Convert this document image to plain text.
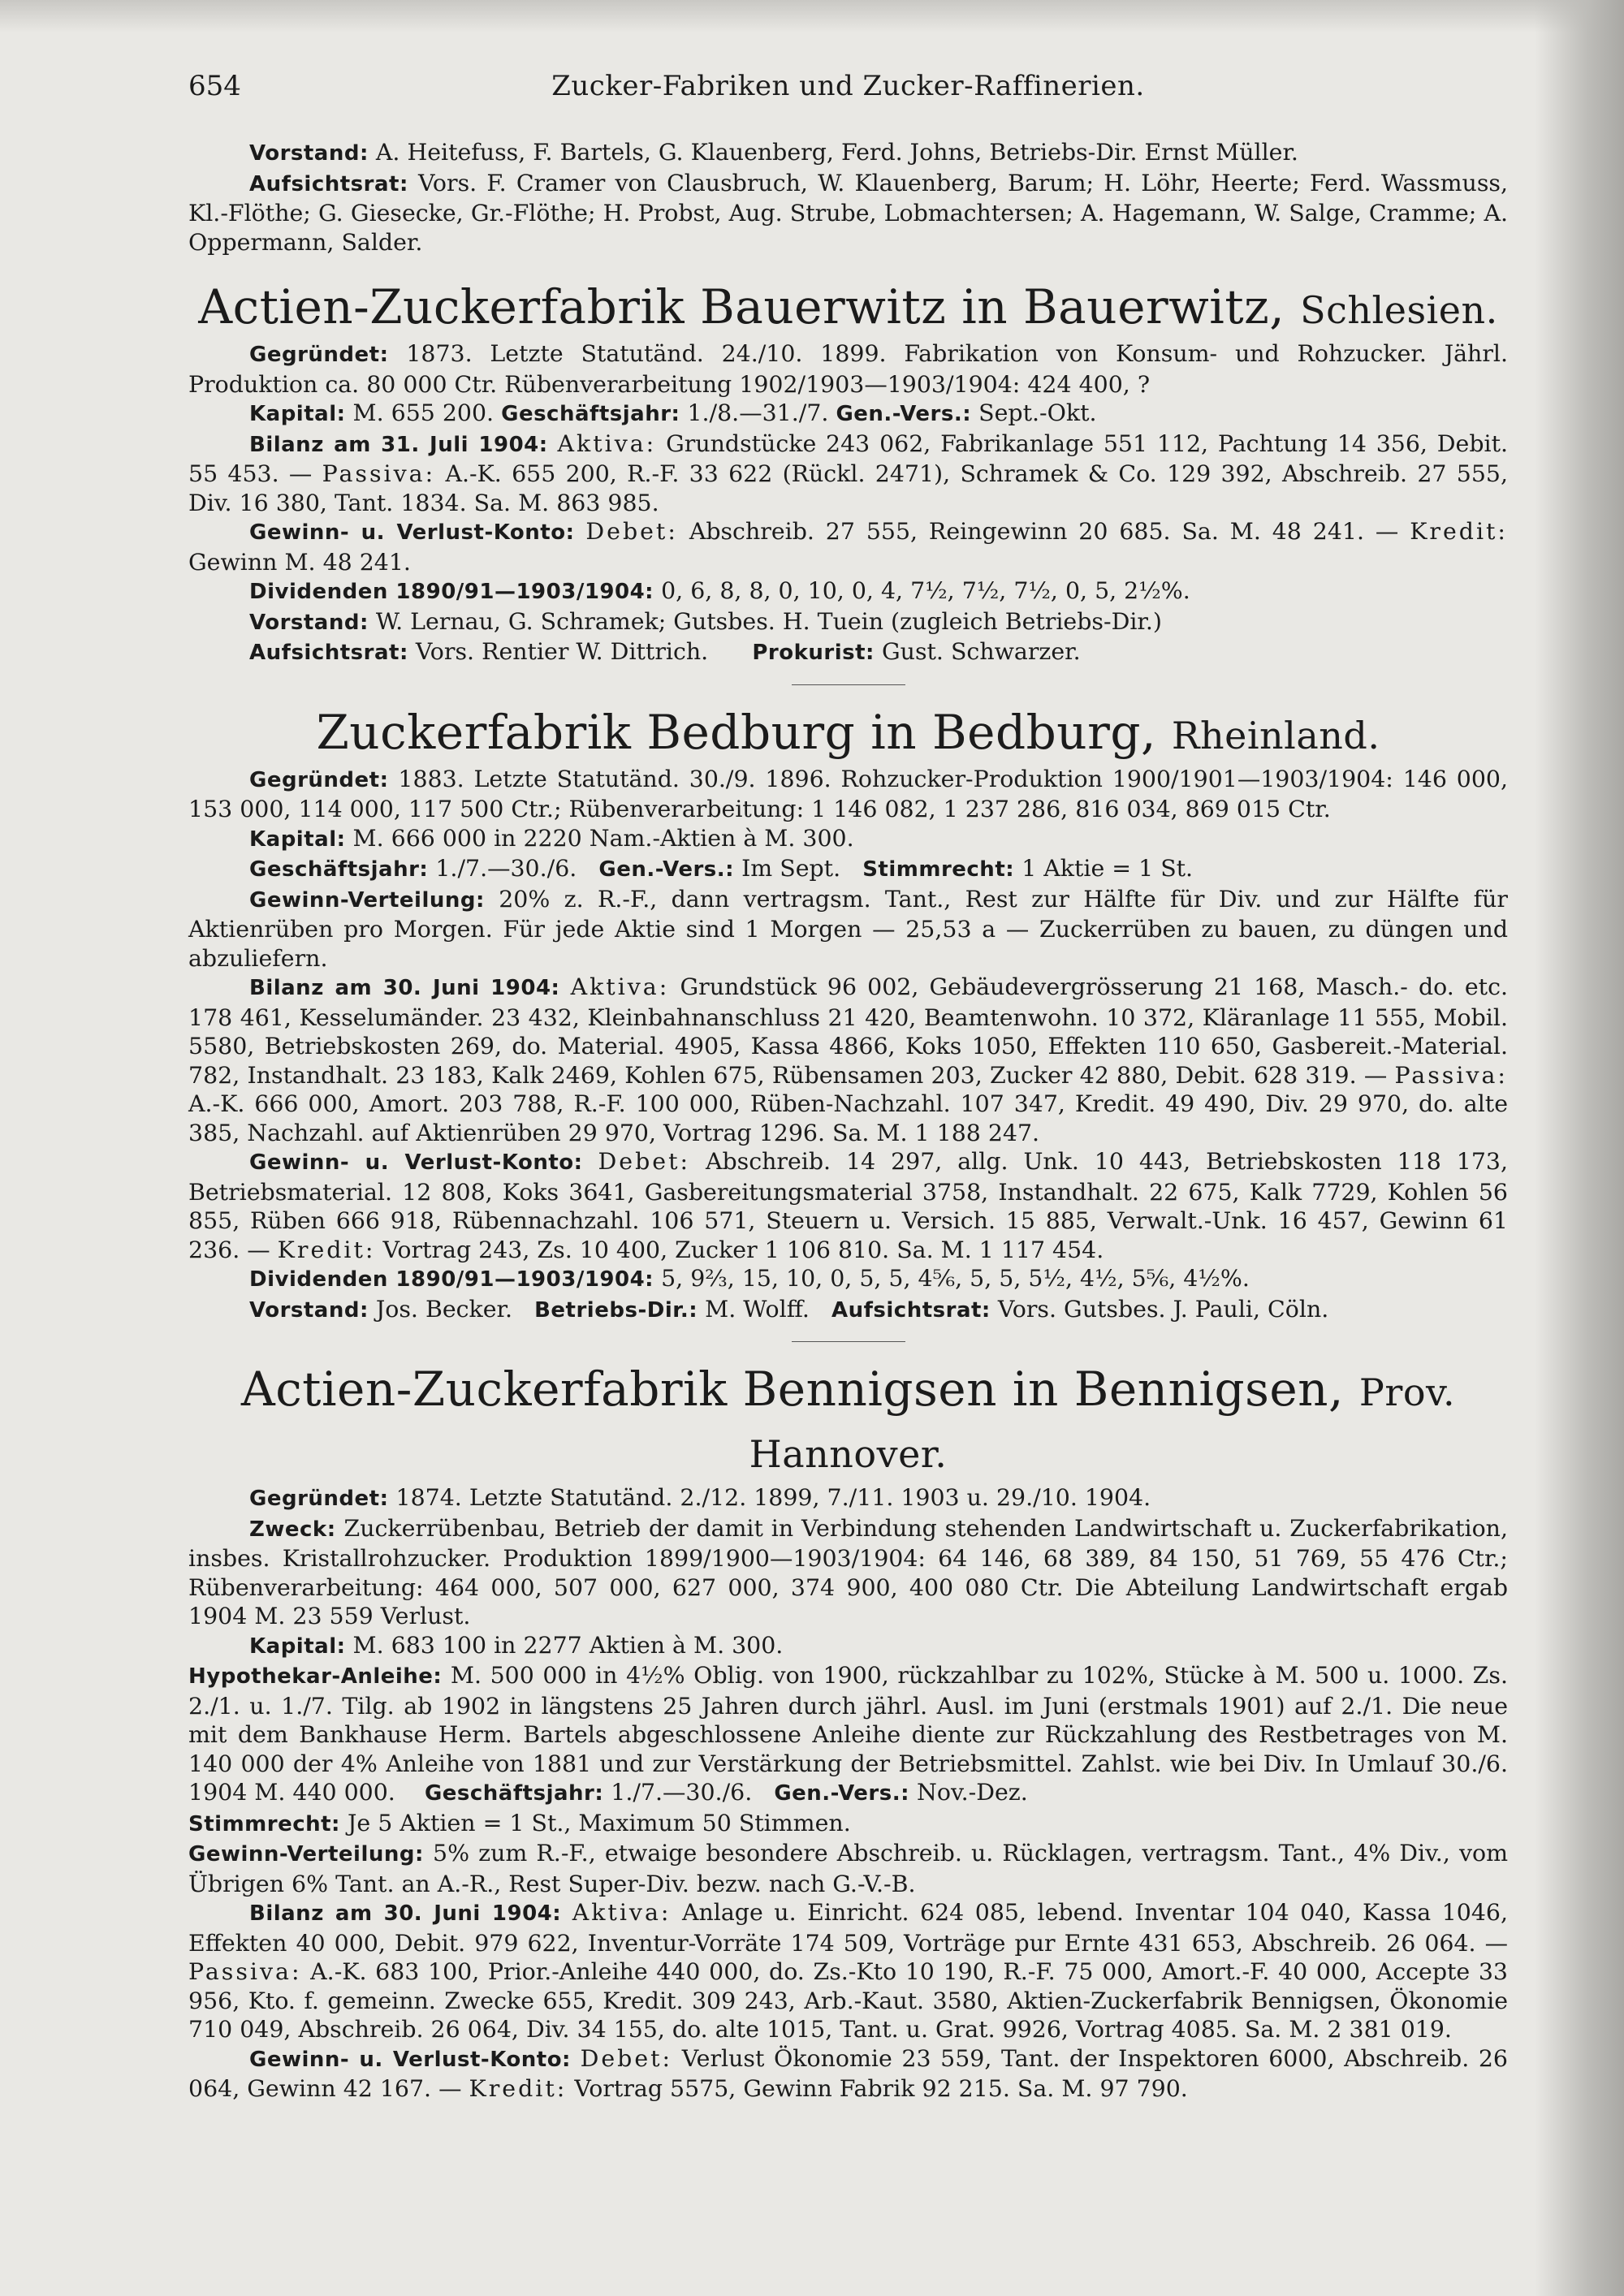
654	Zucker-Fabriken und Zucker-Raffinerien.

Vorstand: A. Heitefuss, F. Bartels, G. Klauenberg, Ferd. Johns, Betriebs-Dir. Ernst Müller.

Aufsichtsrat: Vors. F. Cramer von Clausbruch, W. Klauenberg, Barum; H. Löhr, Heerte; Ferd. Wassmuss, Kl.-Flöthe; G. Giesecke, Gr.-Flöthe; H. Probst, Aug. Strube, Lobmachtersen; A. Hagemann, W. Salge, Cramme; A. Oppermann, Salder.

Actien-Zuckerfabrik Bauerwitz in Bauerwitz, Schlesien.

Gegründet: 1873. Letzte Statutänd. 24./10. 1899. Fabrikation von Konsum- und Rohzucker. Jährl. Produktion ca. 80 000 Ctr. Rübenverarbeitung 1902/1903—1903/1904: 424 400, ?

Kapital: M. 655 200. Geschäftsjahr: 1./8.—31./7. Gen.-Vers.: Sept.-Okt.

Bilanz am 31. Juli 1904: Aktiva: Grundstücke 243 062, Fabrikanlage 551 112, Pachtung 14 356, Debit. 55 453. — Passiva: A.-K. 655 200, R.-F. 33 622 (Rückl. 2471), Schramek & Co. 129 392, Abschreib. 27 555, Div. 16 380, Tant. 1834. Sa. M. 863 985.

Gewinn- u. Verlust-Konto: Debet: Abschreib. 27 555, Reingewinn 20 685. Sa. M. 48 241. — Kredit: Gewinn M. 48 241.

Dividenden 1890/91—1903/1904: 0, 6, 8, 8, 0, 10, 0, 4, 7½, 7½, 7½, 0, 5, 2½%.

Vorstand: W. Lernau, G. Schramek; Gutsbes. H. Tuein (zugleich Betriebs-Dir.)

Aufsichtsrat: Vors. Rentier W. Dittrich. Prokurist: Gust. Schwarzer.

Zuckerfabrik Bedburg in Bedburg, Rheinland.

Gegründet: 1883. Letzte Statutänd. 30./9. 1896. Rohzucker-Produktion 1900/1901—1903/1904: 146 000, 153 000, 114 000, 117 500 Ctr.; Rübenverarbeitung: 1 146 082, 1 237 286, 816 034, 869 015 Ctr.

Kapital: M. 666 000 in 2220 Nam.-Aktien à M. 300.

Geschäftsjahr: 1./7.—30./6. Gen.-Vers.: Im Sept. Stimmrecht: 1 Aktie = 1 St.

Gewinn-Verteilung: 20% z. R.-F., dann vertragsm. Tant., Rest zur Hälfte für Div. und zur Hälfte für Aktienrüben pro Morgen. Für jede Aktie sind 1 Morgen — 25,53 a — Zuckerrüben zu bauen, zu düngen und abzuliefern.

Bilanz am 30. Juni 1904: Aktiva: Grundstück 96 002, Gebäudevergrösserung 21 168, Masch.- do. etc. 178 461, Kesselumänder. 23 432, Kleinbahnanschluss 21 420, Beamtenwohn. 10 372, Kläranlage 11 555, Mobil. 5580, Betriebskosten 269, do. Material. 4905, Kassa 4866, Koks 1050, Effekten 110 650, Gasbereit.-Material. 782, Instandhalt. 23 183, Kalk 2469, Kohlen 675, Rübensamen 203, Zucker 42 880, Debit. 628 319. — Passiva: A.-K. 666 000, Amort. 203 788, R.-F. 100 000, Rüben-Nachzahl. 107 347, Kredit. 49 490, Div. 29 970, do. alte 385, Nachzahl. auf Aktienrüben 29 970, Vortrag 1296. Sa. M. 1 188 247.

Gewinn- u. Verlust-Konto: Debet: Abschreib. 14 297, allg. Unk. 10 443, Betriebskosten 118 173, Betriebsmaterial. 12 808, Koks 3641, Gasbereitungsmaterial 3758, Instandhalt. 22 675, Kalk 7729, Kohlen 56 855, Rüben 666 918, Rübennachzahl. 106 571, Steuern u. Versich. 15 885, Verwalt.-Unk. 16 457, Gewinn 61 236. — Kredit: Vortrag 243, Zs. 10 400, Zucker 1 106 810. Sa. M. 1 117 454.

Dividenden 1890/91—1903/1904: 5, 9⅔, 15, 10, 0, 5, 5, 4⅚, 5, 5, 5½, 4½, 5⅚, 4½%.

Vorstand: Jos. Becker. Betriebs-Dir.: M. Wolff. Aufsichtsrat: Vors. Gutsbes. J. Pauli, Cöln.

Actien-Zuckerfabrik Bennigsen in Bennigsen, Prov. Hannover.

Gegründet: 1874. Letzte Statutänd. 2./12. 1899, 7./11. 1903 u. 29./10. 1904.

Zweck: Zuckerrübenbau, Betrieb der damit in Verbindung stehenden Landwirtschaft u. Zuckerfabrikation, insbes. Kristallrohzucker. Produktion 1899/1900—1903/1904: 64 146, 68 389, 84 150, 51 769, 55 476 Ctr.; Rübenverarbeitung: 464 000, 507 000, 627 000, 374 900, 400 080 Ctr. Die Abteilung Landwirtschaft ergab 1904 M. 23 559 Verlust.

Kapital: M. 683 100 in 2277 Aktien à M. 300.

Hypothekar-Anleihe: M. 500 000 in 4½% Oblig. von 1900, rückzahlbar zu 102%, Stücke à M. 500 u. 1000. Zs. 2./1. u. 1./7. Tilg. ab 1902 in längstens 25 Jahren durch jährl. Ausl. im Juni (erstmals 1901) auf 2./1. Die neue mit dem Bankhause Herm. Bartels abgeschlossene Anleihe diente zur Rückzahlung des Restbetrages von M. 140 000 der 4% Anleihe von 1881 und zur Verstärkung der Betriebsmittel. Zahlst. wie bei Div. In Umlauf 30./6. 1904 M. 440 000. Geschäftsjahr: 1./7.—30./6. Gen.-Vers.: Nov.-Dez.

Stimmrecht: Je 5 Aktien = 1 St., Maximum 50 Stimmen.

Gewinn-Verteilung: 5% zum R.-F., etwaige besondere Abschreib. u. Rücklagen, vertragsm. Tant., 4% Div., vom Übrigen 6% Tant. an A.-R., Rest Super-Div. bezw. nach G.-V.-B.

Bilanz am 30. Juni 1904: Aktiva: Anlage u. Einricht. 624 085, lebend. Inventar 104 040, Kassa 1046, Effekten 40 000, Debit. 979 622, Inventur-Vorräte 174 509, Vorträge pur Ernte 431 653, Abschreib. 26 064. — Passiva: A.-K. 683 100, Prior.-Anleihe 440 000, do. Zs.-Kto 10 190, R.-F. 75 000, Amort.-F. 40 000, Accepte 33 956, Kto. f. gemeinn. Zwecke 655, Kredit. 309 243, Arb.-Kaut. 3580, Aktien-Zuckerfabrik Bennigsen, Ökonomie 710 049, Abschreib. 26 064, Div. 34 155, do. alte 1015, Tant. u. Grat. 9926, Vortrag 4085. Sa. M. 2 381 019.

Gewinn- u. Verlust-Konto: Debet: Verlust Ökonomie 23 559, Tant. der Inspektoren 6000, Abschreib. 26 064, Gewinn 42 167. — Kredit: Vortrag 5575, Gewinn Fabrik 92 215. Sa. M. 97 790.
